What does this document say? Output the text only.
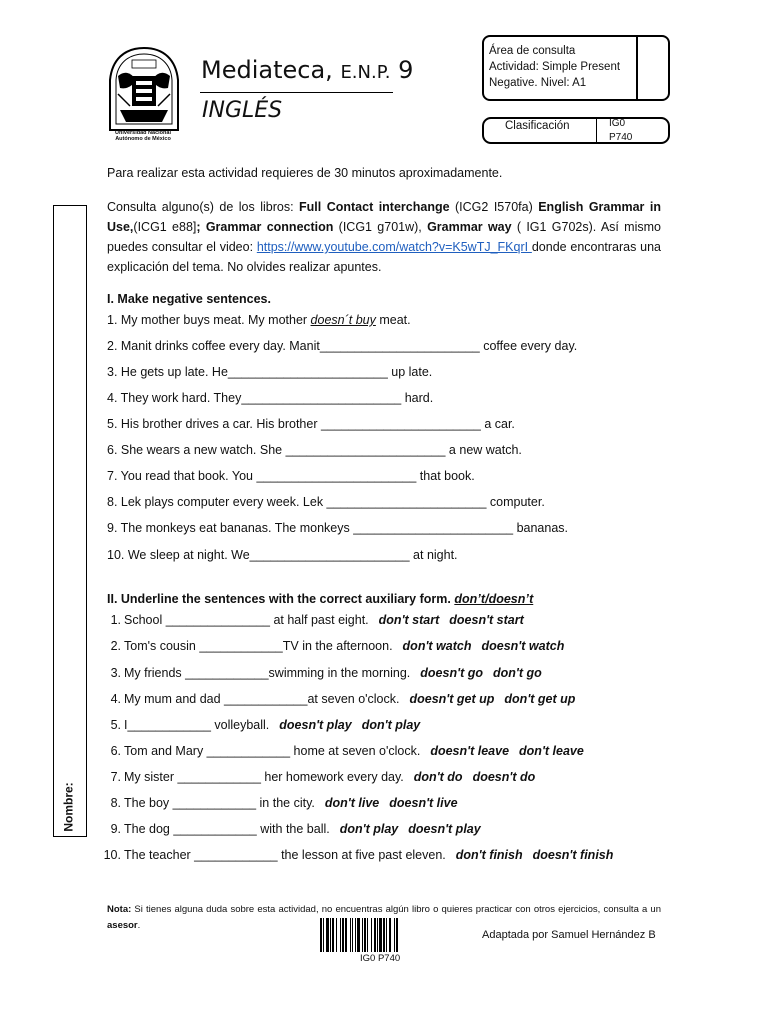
Universidad Nacional
Autónomo de México
Mediateca, E.N.P. 9
INGLÉS
Área de consulta
Actividad: Simple Present
Negative. Nivel: A1
Clasificación	IG0
P740
Nombre:
Para realizar esta actividad requieres de 30 minutos aproximadamente.
Consulta alguno(s) de los libros: Full Contact interchange (ICG2 I570fa) English Grammar in Use,(ICG1 e88]; Grammar connection (ICG1 g701w), Grammar way ( IG1 G702s). Así mismo puedes consultar el video: https://www.youtube.com/watch?v=K5wTJ_FKqrI donde encontraras una explicación del tema. No olvides realizar apuntes.
I. Make negative sentences.
1. My mother buys meat. My mother doesn´t buy meat.
2. Manit drinks coffee every day. Manit_______________________ coffee every day.
3. He gets up late. He_______________________ up late.
4. They work hard. They_______________________ hard.
5. His brother drives a car. His brother _______________________ a car.
6. She wears a new watch. She _______________________ a new watch.
7. You read that book. You _______________________ that book.
8. Lek plays computer every week. Lek _______________________ computer.
9. The monkeys eat bananas. The monkeys _______________________ bananas.
10. We sleep at night. We_______________________ at night.
II. Underline the sentences with the correct auxiliary form. don’t/doesn’t
1. School _______________ at half past eight. don't start doesn't start
2. Tom's cousin ____________TV in the afternoon. don't watch doesn't watch
3. My friends ____________swimming in the morning. doesn't go don't go
4. My mum and dad ____________at seven o'clock. doesn't get up don't get up
5. I____________ volleyball. doesn't play don't play
6. Tom and Mary ____________ home at seven o'clock. doesn't leave don't leave
7. My sister ____________ her homework every day. don't do doesn't do
8. The boy ____________ in the city. don't live doesn't live
9. The dog ____________ with the ball. don't play doesn't play
10. The teacher ____________ the lesson at five past eleven. don't finish doesn't finish
Nota: Si tienes alguna duda sobre esta actividad, no encuentras algún libro o quieres practicar con otros ejercicios, consulta a un asesor.
IG0 P740
Adaptada por Samuel Hernández B
